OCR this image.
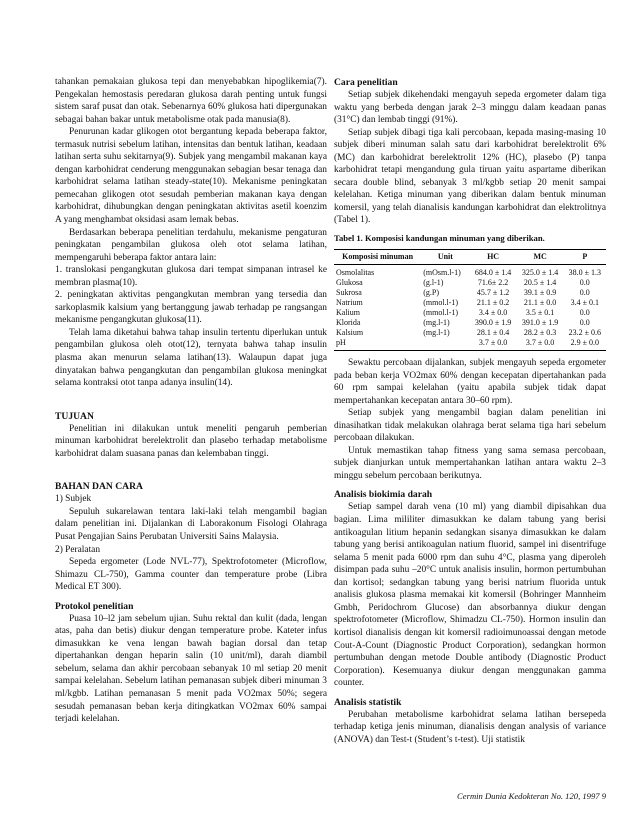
tahankan pemakaian glukosa tepi dan menyebabkan hipoglikemia(7). Pengekalan hemostasis peredaran glukosa darah penting untuk fungsi sistem saraf pusat dan otak. Sebenarnya 60% glukosa hati dipergunakan sebagai bahan bakar untuk metabolisme otak pada manusia(8).

Penurunan kadar glikogen otot bergantung kepada beberapa faktor, termasuk nutrisi sebelum latihan, intensitas dan bentuk latihan, keadaan latihan serta suhu sekitarnya(9). Subjek yang mengambil makanan kaya dengan karbohidrat cenderung menggunakan sebagian besar tenaga dan karbohidrat selama latihan steady-state(10). Mekanisme peningkatan pemecahan glikogen otot sesudah pemberian makanan kaya dengan karbohidrat, dihubungkan dengan peningkatan aktivitas asetil koenzim A yang menghambat oksidasi asam lemak bebas.

Berdasarkan beberapa penelitian terdahulu, mekanisme pengaturan peningkatan pengambilan glukosa oleh otot selama latihan, mempengaruhi beberapa faktor antara lain:

1. translokasi pengangkutan glukosa dari tempat simpanan intrasel ke membran plasma(10).

2. peningkatan aktivitas pengangkutan membran yang tersedia dan sarkoplasmik kalsium yang bertanggung jawab terhadap pe rangsangan mekanisme pengangkutan glukosa(11).

Telah lama diketahui bahwa tahap insulin tertentu diperlukan untuk pengambilan glukosa oleh otot(12), ternyata bahwa tahap insulin plasma akan menurun selama latihan(13). Walaupun dapat juga dinyatakan bahwa pengangkutan dan pengambilan glukosa meningkat selama kontraksi otot tanpa adanya insulin(14).

TUJUAN

Penelitian ini dilakukan untuk meneliti pengaruh pemberian minuman karbohidrat berelektrolit dan plasebo terhadap metabolisme karbohidrat dalam suasana panas dan kelembaban tinggi.

BAHAN DAN CARA

1) Subjek

Sepuluh sukarelawan tentara laki-laki telah mengambil bagian dalam penelitian ini. Dijalankan di Laborakonum Fisologi Olahraga Pusat Pengajian Sains Perubatan Universiti Sains Malaysia.

2) Peralatan

Sepeda ergometer (Lode NVL-77), Spektrofotometer (Microflow, Shimazu CL-750), Gamma counter dan temperature probe (Libra Medical ET 300).

Protokol penelitian

Puasa 10–l2 jam sebelum ujian. Suhu rektal dan kulit (dada, lengan atas, paha dan betis) diukur dengan temperature probe. Kateter infus dimasukkan ke vena lengan bawah bagian dorsal dan tetap dipertahankan dengan heparin salin (10 unit/ml), darah diambil sebelum, selama dan akhir percobaan sebanyak 10 ml setiap 20 menit sampai kelelahan. Sebelum latihan pemanasan subjek diberi minuman 3 ml/kgbb. Latihan pemanasan 5 menit pada VO2max 50%; segera sesudah pemanasan beban kerja ditingkatkan VO2max 60% sampai terjadi kelelahan.

Cara penelitian

Setiap subjek dikehendaki mengayuh sepeda ergometer dalam tiga waktu yang berbeda dengan jarak 2–3 minggu dalam keadaan panas (31°C) dan lembab tinggi (91%).

Setiap subjek dibagi tiga kali percobaan, kepada masing-masing 10 subjek diberi minuman salah satu dari karbohidrat berelektrolit 6% (MC) dan karbohidrat berelektrolit 12% (HC), plasebo (P) tanpa karbohidrat tetapi mengandung gula tiruan yaitu aspartame diberikan secara double blind, sebanyak 3 ml/kgbb setiap 20 menit sampai kelelahan. Ketiga minuman yang diberikan dalam bentuk minuman komersil, yang telah dianalisis kandungan karbohidrat dan elektrolitnya (Tabel 1).

Tabel 1. Komposisi kandungan minuman yang diberikan.
Komposisi minuman	Unit	HC	MC	P
Osmolalitas	(mOsm.l-1)	684.0 ± 1.4	325.0 ± 1.4	38.0 ± 1.3
Glukosa	(g.l-1)	71.6± 2.2	20.5 ± 1.4	0.0
Sukrosa	(g.P)	45.7 ± 1.2	39.1 ± 0.9	0.0
Natrium	(mmol.l-1)	21.1 ± 0.2	21.1 ± 0.0	3.4 ± 0.1
Kalium	(mmol.l-1)	3.4 ± 0.0	3.5 ± 0.1	0.0
Klorida	(mg.l-1)	390.0 ± 1.9	391.0 ± 1.9	0.0
Kalsium	(mg.l-1)	28.1 ± 0.4	28.2 ± 0.3	23.2 ± 0.6
pH		3.7 ± 0.0	3.7 ± 0.0	2.9 ± 0.0

Sewaktu percobaan dijalankan, subjek mengayuh sepeda ergometer pada beban kerja VO2max 60% dengan kecepatan dipertahankan pada 60 rpm sampai kelelahan (yaitu apabila subjek tidak dapat mempertahankan kecepatan antara 30–60 rpm).

Setiap subjek yang mengambil bagian dalam penelitian ini dinasihatkan tidak melakukan olahraga berat selama tiga hari sebelum percobaan dilakukan.

Untuk memastikan tahap fitness yang sama semasa percobaan, subjek dianjurkan untuk mempertahankan latihan antara waktu 2–3 minggu sebelum percobaan berikutnya.

Analisis biokimia darah

Setiap sampel darah vena (10 ml) yang diambil dipisahkan dua bagian. Lima mililiter dimasukkan ke dalam tabung yang berisi antikoagulan litium hepanin sedangkan sisanya dimasukkan ke dalam tabung yang berisi antikoagulan natium fluorid, sampel ini disentrifuge selama 5 menit pada 6000 rpm dan suhu 4°C, plasma yang diperoleh disimpan pada suhu –20°C untuk analisis insulin, hormon pertumbuhan dan kortisol; sedangkan tabung yang berisi natrium fluorida untuk analisis glukosa plasma memakai kit komersil (Bohringer Mannheim Gmbh, Peridochrom Glucose) dan absorbannya diukur dengan spektrofotometer (Microflow, Shimadzu CL-750). Hormon insulin dan kortisol dianalisis dengan kit komersil radioimunoassai dengan metode Cout-A-Count (Diagnostic Product Corporation), sedangkan hormon pertumbuhan dengan metode Double antibody (Diagnostic Product Corporation). Kesemuanya diukur dengan menggunakan gamma counter.

Analisis statistik

Perubahan metabolisme karbohidrat selama latihan bersepeda terhadap ketiga jenis minuman, dianalisis dengan analysis of variance (ANOVA) dan Test-t (Student’s t-test). Uji statistik

Cermin Dunia Kedokteran No. 120, 1997 9
